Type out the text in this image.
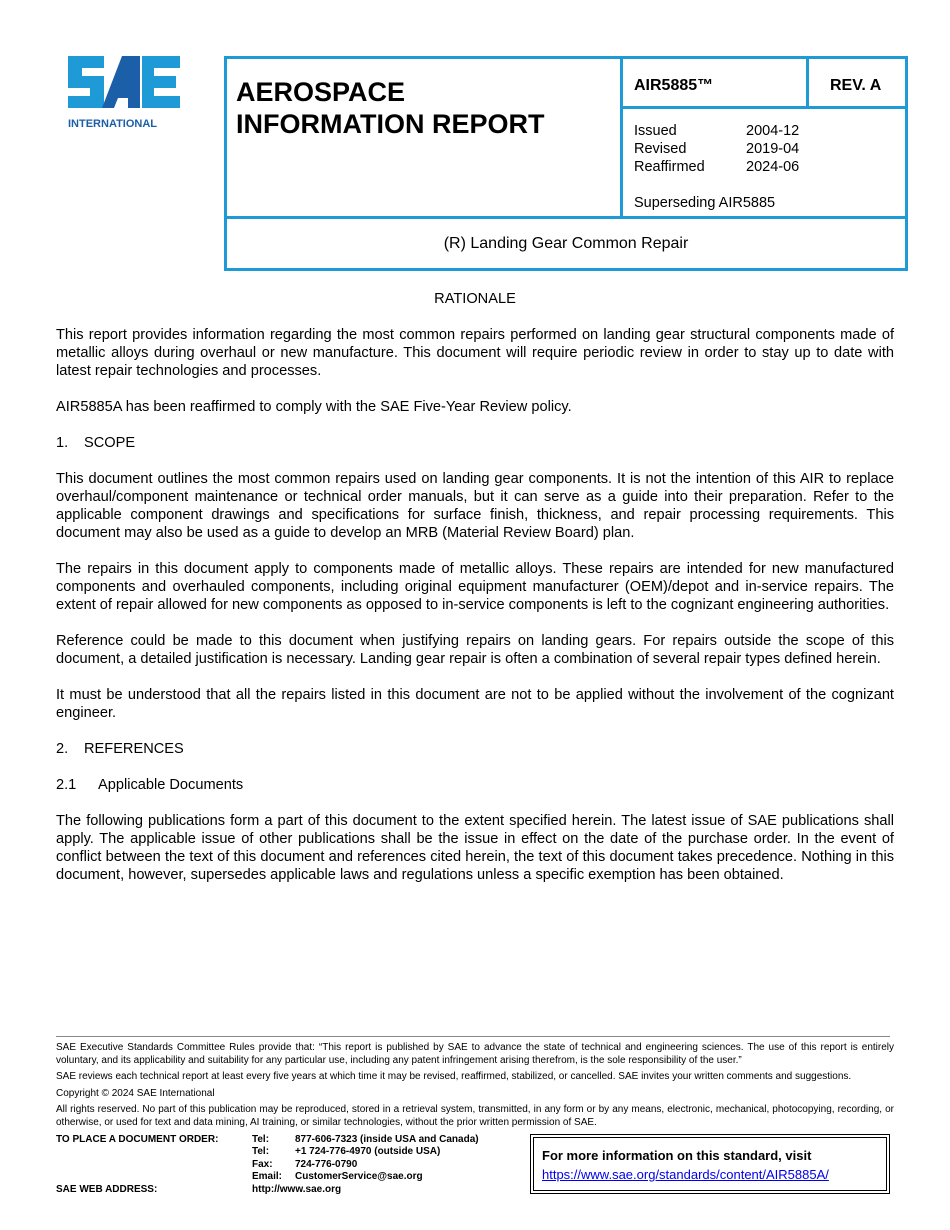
INTERNATIONAL
AEROSPACE
INFORMATION REPORT
AIR5885™	REV. A
Issued
Revised
Reaffirmed
2004-12
2019-04
2024-06
Superseding AIR5885
(R) Landing Gear Common Repair

RATIONALE

This report provides information regarding the most common repairs performed on landing gear structural components made of metallic alloys during overhaul or new manufacture. This document will require periodic review in order to stay up to date with latest repair technologies and processes.

AIR5885A has been reaffirmed to comply with the SAE Five-Year Review policy.

1. SCOPE

This document outlines the most common repairs used on landing gear components. It is not the intention of this AIR to replace overhaul/component maintenance or technical order manuals, but it can serve as a guide into their preparation. Refer to the applicable component drawings and specifications for surface finish, thickness, and repair processing requirements. This document may also be used as a guide to develop an MRB (Material Review Board) plan.

The repairs in this document apply to components made of metallic alloys. These repairs are intended for new manufactured components and overhauled components, including original equipment manufacturer (OEM)/depot and in-service repairs. The extent of repair allowed for new components as opposed to in-service components is left to the cognizant engineering authorities.

Reference could be made to this document when justifying repairs on landing gears. For repairs outside the scope of this document, a detailed justification is necessary. Landing gear repair is often a combination of several repair types defined herein.

It must be understood that all the repairs listed in this document are not to be applied without the involvement of the cognizant engineer.

2. REFERENCES
2.1 Applicable Documents

The following publications form a part of this document to the extent specified herein. The latest issue of SAE publications shall apply. The applicable issue of other publications shall be the issue in effect on the date of the purchase order. In the event of conflict between the text of this document and references cited herein, the text of this document takes precedence. Nothing in this document, however, supersedes applicable laws and regulations unless a specific exemption has been obtained.

SAE Executive Standards Committee Rules provide that: “This report is published by SAE to advance the state of technical and engineering sciences. The use of this report is entirely voluntary, and its applicability and suitability for any particular use, including any patent infringement arising therefrom, is the sole responsibility of the user.”

SAE reviews each technical report at least every five years at which time it may be revised, reaffirmed, stabilized, or cancelled. SAE invites your written comments and suggestions.

Copyright © 2024 SAE International

All rights reserved. No part of this publication may be reproduced, stored in a retrieval system, transmitted, in any form or by any means, electronic, mechanical, photocopying, recording, or otherwise, or used for text and data mining, AI training, or similar technologies, without the prior written permission of SAE.

TO PLACE A DOCUMENT ORDER:
SAE WEB ADDRESS:
Tel:
Tel:
Fax:
Email:
877-606-7323 (inside USA and Canada)
+1 724-776-4970 (outside USA)
724-776-0790
CustomerService@sae.org
http://www.sae.org
For more information on this standard, visit
https://www.sae.org/standards/content/AIR5885A/
